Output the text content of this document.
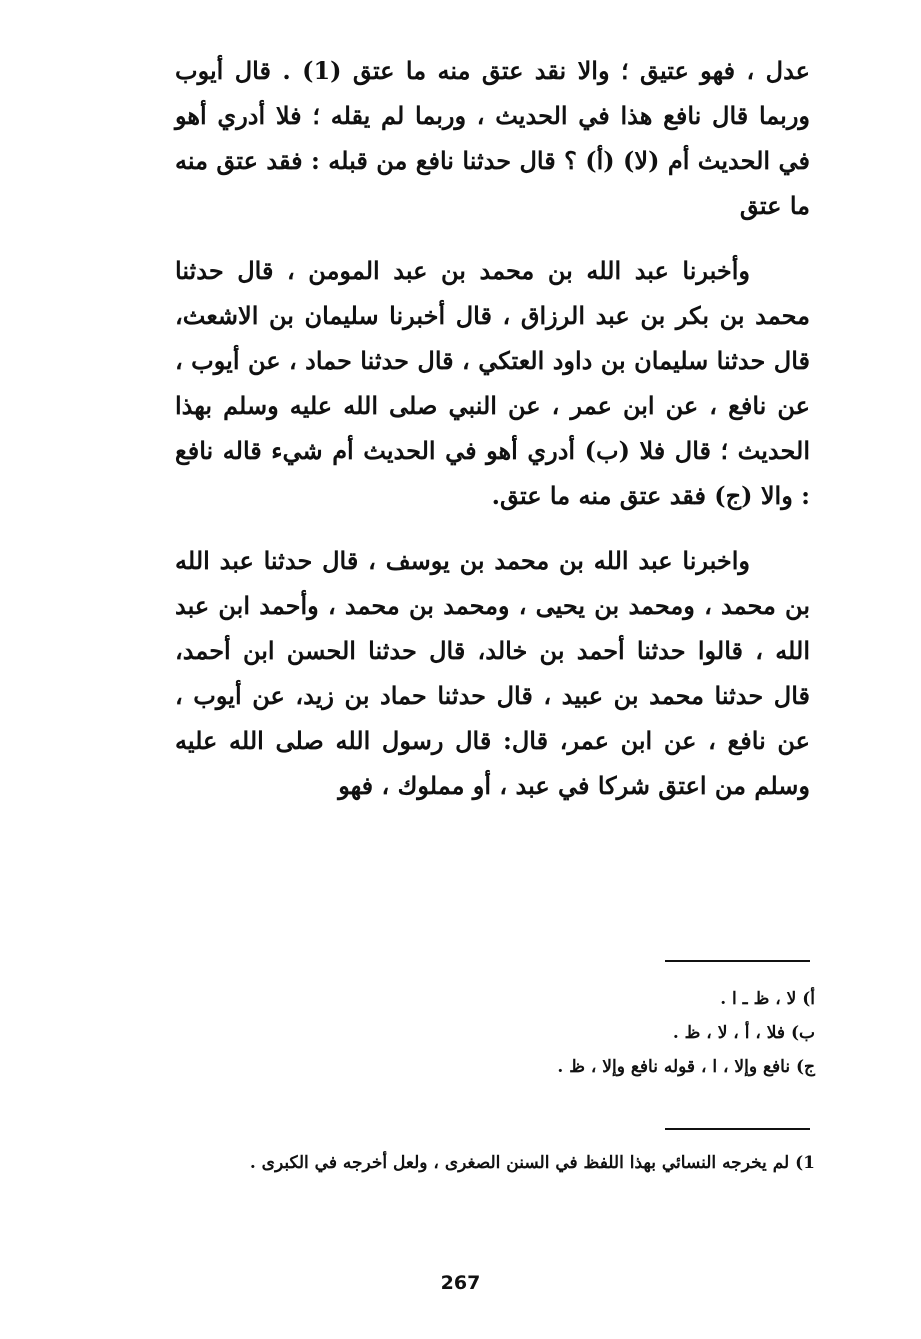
عدل ، فهو عتيق ؛ والا نقد عتق منه ما عتق (1) . قال أيوب وربما قال نافع هذا في الحديث ، وربما لم يقله ؛ فلا أدري أهو في الحديث أم (لا) (أ) ؟ قال حدثنا نافع من قبله : فقد عتق منه ما عتق

وأخبرنا عبد الله بن محمد بن عبد المومن ، قال حدثنا محمد بن بكر بن عبد الرزاق ، قال أخبرنا سليمان بن الاشعث، قال حدثنا سليمان بن داود العتكي ، قال حدثنا حماد ، عن أيوب ، عن نافع ، عن ابن عمر ، عن النبي صلى الله عليه وسلم بهذا الحديث ؛ قال فلا (ب) أدري أهو في الحديث أم شيء قاله نافع : والا (ج) فقد عتق منه ما عتق.

واخبرنا عبد الله بن محمد بن يوسف ، قال حدثنا عبد الله بن محمد ، ومحمد بن يحيى ، ومحمد بن محمد ، وأحمد ابن عبد الله ، قالوا حدثنا أحمد بن خالد، قال حدثنا الحسن ابن أحمد، قال حدثنا محمد بن عبيد ، قال حدثنا حماد بن زيد، عن أيوب ، عن نافع ، عن ابن عمر، قال: قال رسول الله صلى الله عليه وسلم من اعتق شركا في عبد ، أو مملوك ، فهو

أ) لا ، ظ ـ ا .

ب) فلا ، أ ، لا ، ظ .

ج) نافع وإلا ، ا ، قوله نافع وإلا ، ظ .

1) لم يخرجه النسائي بهذا اللفظ في السنن الصغرى ، ولعل أخرجه في الكبرى .

267
